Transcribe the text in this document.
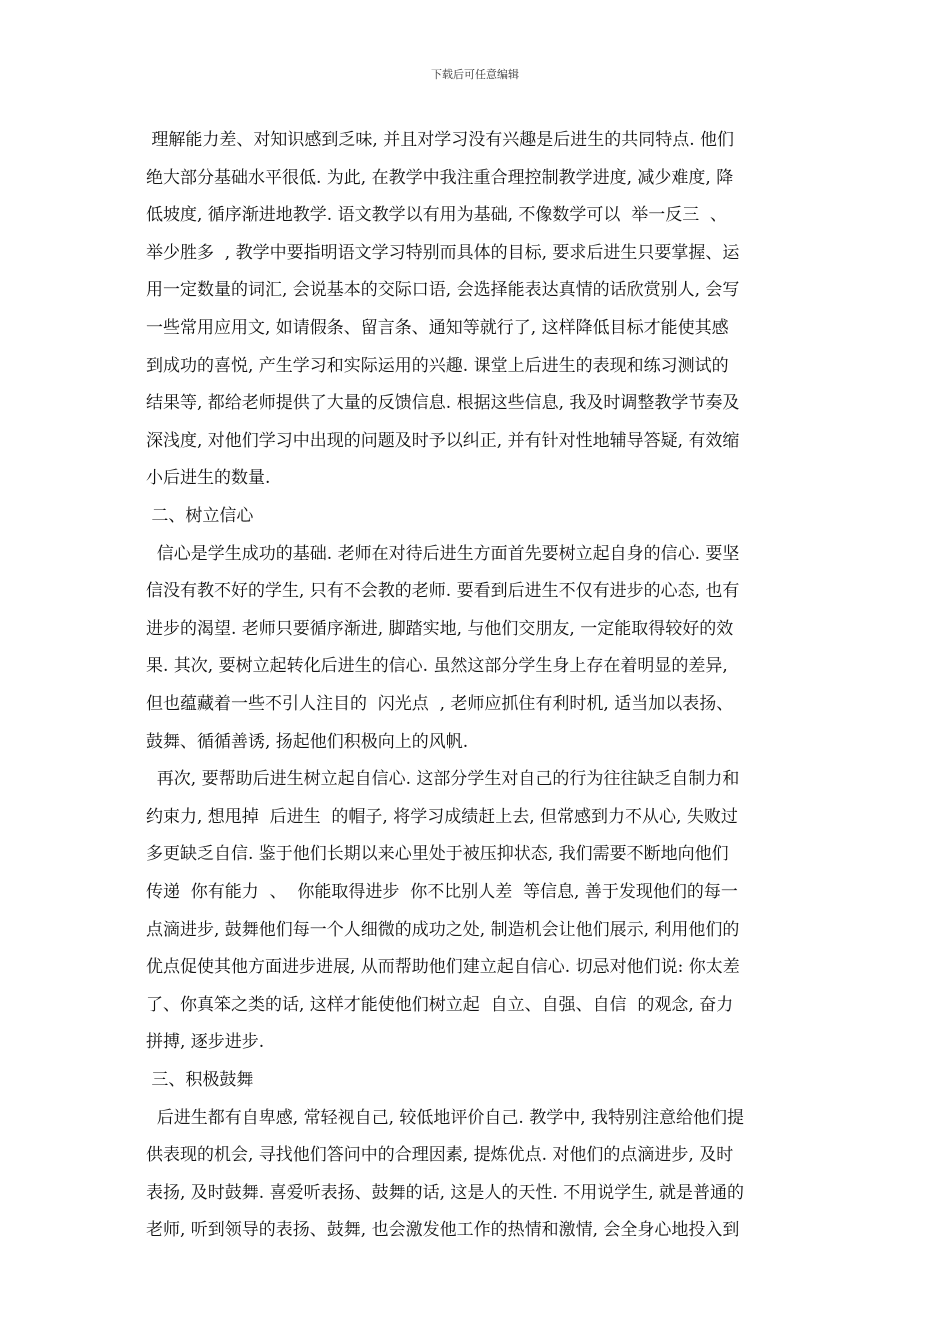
下载后可任意编辑
理解能力差、对知识感到乏味, 并且对学习没有兴趣是后进生的共同特点. 他们
绝大部分基础水平很低. 为此, 在教学中我注重合理控制教学进度, 减少难度, 降
低坡度, 循序渐进地教学. 语文教学以有用为基础, 不像数学可以  举一反三  、
举少胜多  , 教学中要指明语文学习特别而具体的目标, 要求后进生只要掌握、运
用一定数量的词汇, 会说基本的交际口语, 会选择能表达真情的话欣赏别人, 会写
一些常用应用文, 如请假条、留言条、通知等就行了, 这样降低目标才能使其感
到成功的喜悦, 产生学习和实际运用的兴趣. 课堂上后进生的表现和练习测试的
结果等, 都给老师提供了大量的反馈信息. 根据这些信息, 我及时调整教学节奏及
深浅度, 对他们学习中出现的问题及时予以纠正, 并有针对性地辅导答疑, 有效缩
小后进生的数量.
二、树立信心
信心是学生成功的基础. 老师在对待后进生方面首先要树立起自身的信心. 要坚
信没有教不好的学生, 只有不会教的老师. 要看到后进生不仅有进步的心态, 也有
进步的渴望. 老师只要循序渐进, 脚踏实地, 与他们交朋友, 一定能取得较好的效
果. 其次, 要树立起转化后进生的信心. 虽然这部分学生身上存在着明显的差异,
但也蕴藏着一些不引人注目的  闪光点  , 老师应抓住有利时机, 适当加以表扬、
鼓舞、循循善诱, 扬起他们积极向上的风帆.
再次, 要帮助后进生树立起自信心. 这部分学生对自己的行为往往缺乏自制力和
约束力, 想甩掉  后进生  的帽子, 将学习成绩赶上去, 但常感到力不从心, 失败过
多更缺乏自信. 鉴于他们长期以来心里处于被压抑状态, 我们需要不断地向他们
传递  你有能力  、  你能取得进步  你不比别人差  等信息, 善于发现他们的每一
点滴进步, 鼓舞他们每一个人细微的成功之处, 制造机会让他们展示, 利用他们的
优点促使其他方面进步进展, 从而帮助他们建立起自信心. 切忌对他们说: 你太差
了、你真笨之类的话, 这样才能使他们树立起  自立、自强、自信  的观念, 奋力
拼搏, 逐步进步.
三、积极鼓舞
后进生都有自卑感, 常轻视自己, 较低地评价自己. 教学中, 我特别注意给他们提
供表现的机会, 寻找他们答问中的合理因素, 提炼优点. 对他们的点滴进步, 及时
表扬, 及时鼓舞. 喜爱听表扬、鼓舞的话, 这是人的天性. 不用说学生, 就是普通的
老师, 听到领导的表扬、鼓舞, 也会激发他工作的热情和激情, 会全身心地投入到
